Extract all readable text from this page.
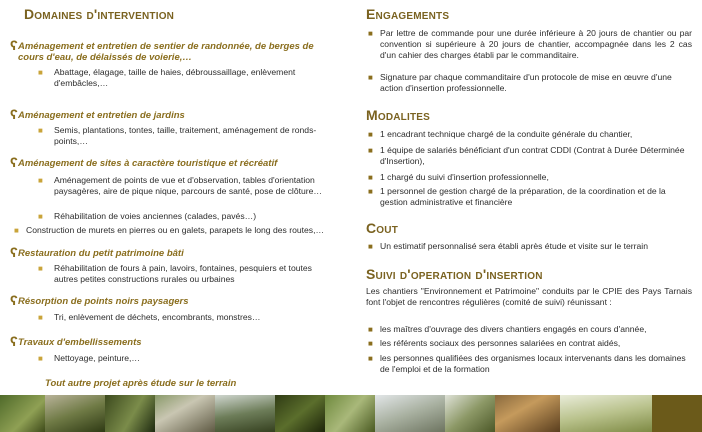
Domaines d'intervention
ʕ Aménagement et entretien de sentier de randonnée, de berges de cours d'eau, de délaissés de voierie,…
■ Abattage, élagage, taille de haies, débroussaillage, enlèvement d'embâcles,…
ʕ Aménagement et entretien de jardins
■ Semis, plantations, tontes, taille, traitement, aménagement de ronds-points,…
ʕ Aménagement de sites à caractère touristique et récréatif
■ Aménagement de points de vue et d'observation, tables d'orientation paysagères, aire de pique nique, parcours de santé, pose de clôture…
■ Réhabilitation de voies anciennes (calades, pavés…)
■ Construction de murets en pierres ou en galets, parapets le long des routes,…
ʕ Restauration du petit patrimoine bâti
■ Réhabilitation de fours à pain, lavoirs, fontaines, pesquiers et toutes autres petites constructions rurales ou urbaines
ʕ Résorption de points noirs paysagers
■ Tri, enlèvement de déchets, encombrants, monstres…
ʕ Travaux d'embellissements
■ Nettoyage, peinture,…
Tout autre projet après étude sur le terrain
Engagements
■ Par lettre de commande pour une durée inférieure à 20 jours de chantier ou par convention si supérieure à 20 jours de chantier, accompagnée dans les 2 cas d'un cahier des charges établi par le commanditaire.
■ Signature par chaque commanditaire d'un protocole de mise en œuvre d'une action d'insertion professionnelle.
Modalites
■ 1 encadrant technique chargé de la conduite générale du chantier,
■ 1 équipe de salariés bénéficiant d'un contrat CDDI (Contrat à Durée Déterminée d'Insertion),
■ 1 chargé du suivi d'insertion professionnelle,
■ 1 personnel de gestion chargé de la préparation, de la coordination et de la gestion administrative et financière
Cout
■ Un estimatif personnalisé sera établi après étude et visite sur le terrain
Suivi d'operation d'insertion
Les chantiers "Environnement et Patrimoine" conduits par le CPIE des Pays Tarnais font l'objet de rencontres régulières (comité de suivi) réunissant :
■ les maîtres d'ouvrage des divers chantiers engagés en cours d'année,
■ les référents sociaux des personnes salariées en contrat aidés,
■ les personnes qualifiées des organismes locaux intervenants dans les domaines de l'emploi et de la formation
